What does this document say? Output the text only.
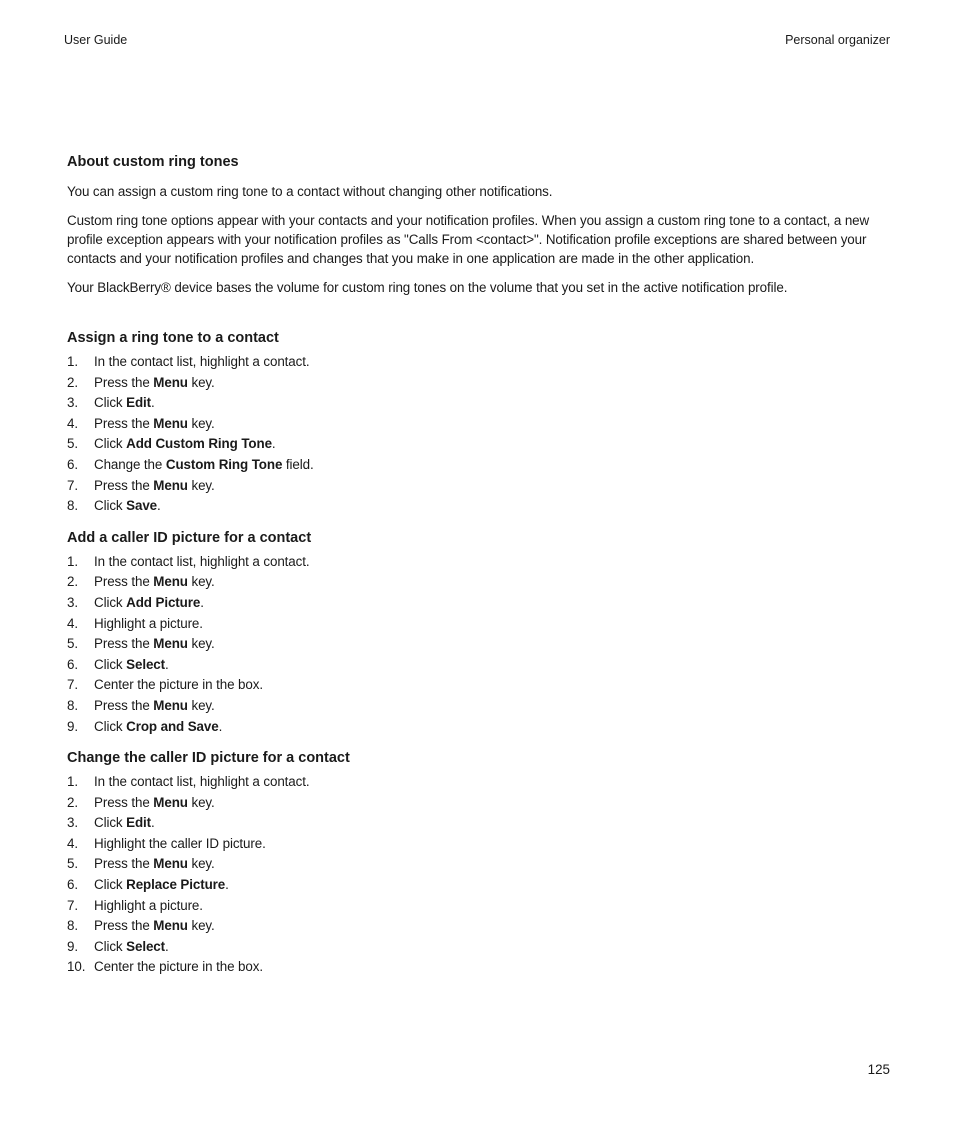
User Guide	Personal organizer
About custom ring tones

You can assign a custom ring tone to a contact without changing other notifications.

Custom ring tone options appear with your contacts and your notification profiles. When you assign a custom ring tone to a contact, a new profile exception appears with your notification profiles as "Calls From <contact>". Notification profile exceptions are shared between your contacts and your notification profiles and changes that you make in one application are made in the other application.

Your BlackBerry® device bases the volume for custom ring tones on the volume that you set in the active notification profile.

Assign a ring tone to a contact
1. In the contact list, highlight a contact.
2. Press the Menu key.
3. Click Edit.
4. Press the Menu key.
5. Click Add Custom Ring Tone.
6. Change the Custom Ring Tone field.
7. Press the Menu key.
8. Click Save.
Add a caller ID picture for a contact
1. In the contact list, highlight a contact.
2. Press the Menu key.
3. Click Add Picture.
4. Highlight a picture.
5. Press the Menu key.
6. Click Select.
7. Center the picture in the box.
8. Press the Menu key.
9. Click Crop and Save.
Change the caller ID picture for a contact
1. In the contact list, highlight a contact.
2. Press the Menu key.
3. Click Edit.
4. Highlight the caller ID picture.
5. Press the Menu key.
6. Click Replace Picture.
7. Highlight a picture.
8. Press the Menu key.
9. Click Select.
10. Center the picture in the box.
125
